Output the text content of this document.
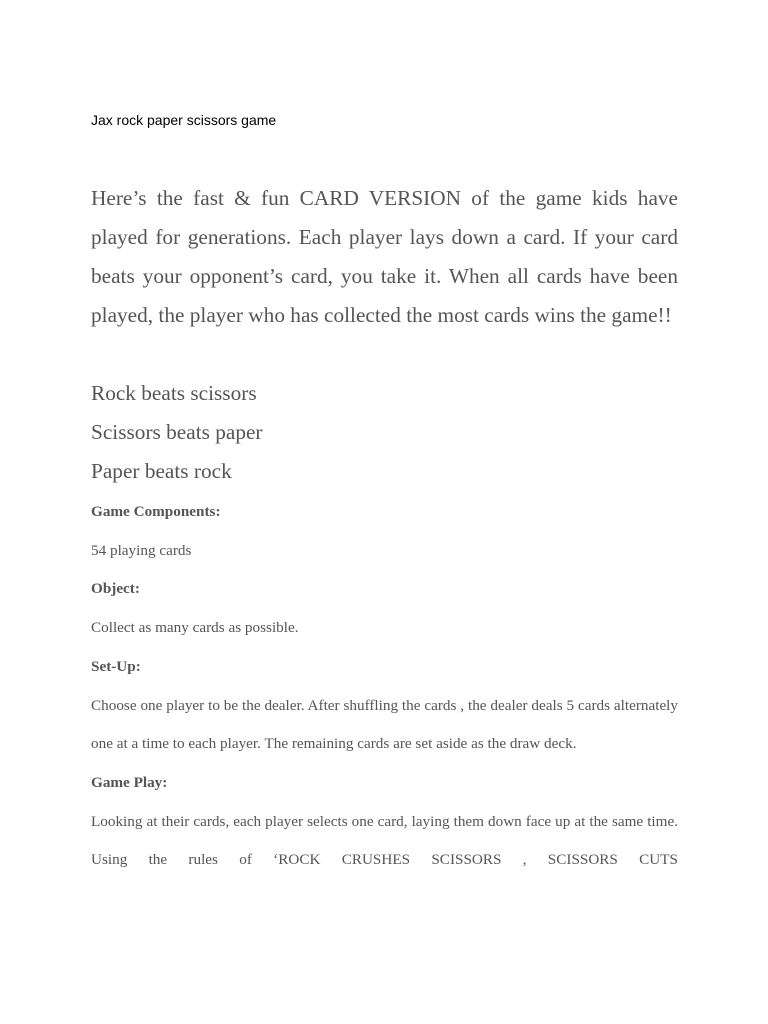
Jax rock paper scissors game

Here’s the fast & fun CARD VERSION of the game kids have played for generations. Each player lays down a card. If your card beats your opponent’s card, you take it. When all cards have been played, the player who has collected the most cards wins the game!!

Rock beats scissors
Scissors beats paper
Paper beats rock

Game Components:

54 playing cards

Object:

Collect as many cards as possible.

Set-Up:

Choose one player to be the dealer. After shuffling the cards , the dealer deals 5 cards alternately one at a time to each player. The remaining cards are set aside as the draw deck.

Game Play:

Looking at their cards, each player selects one card, laying them down face up at the same time. Using the rules of ‘ROCK CRUSHES SCISSORS , SCISSORS CUTS
